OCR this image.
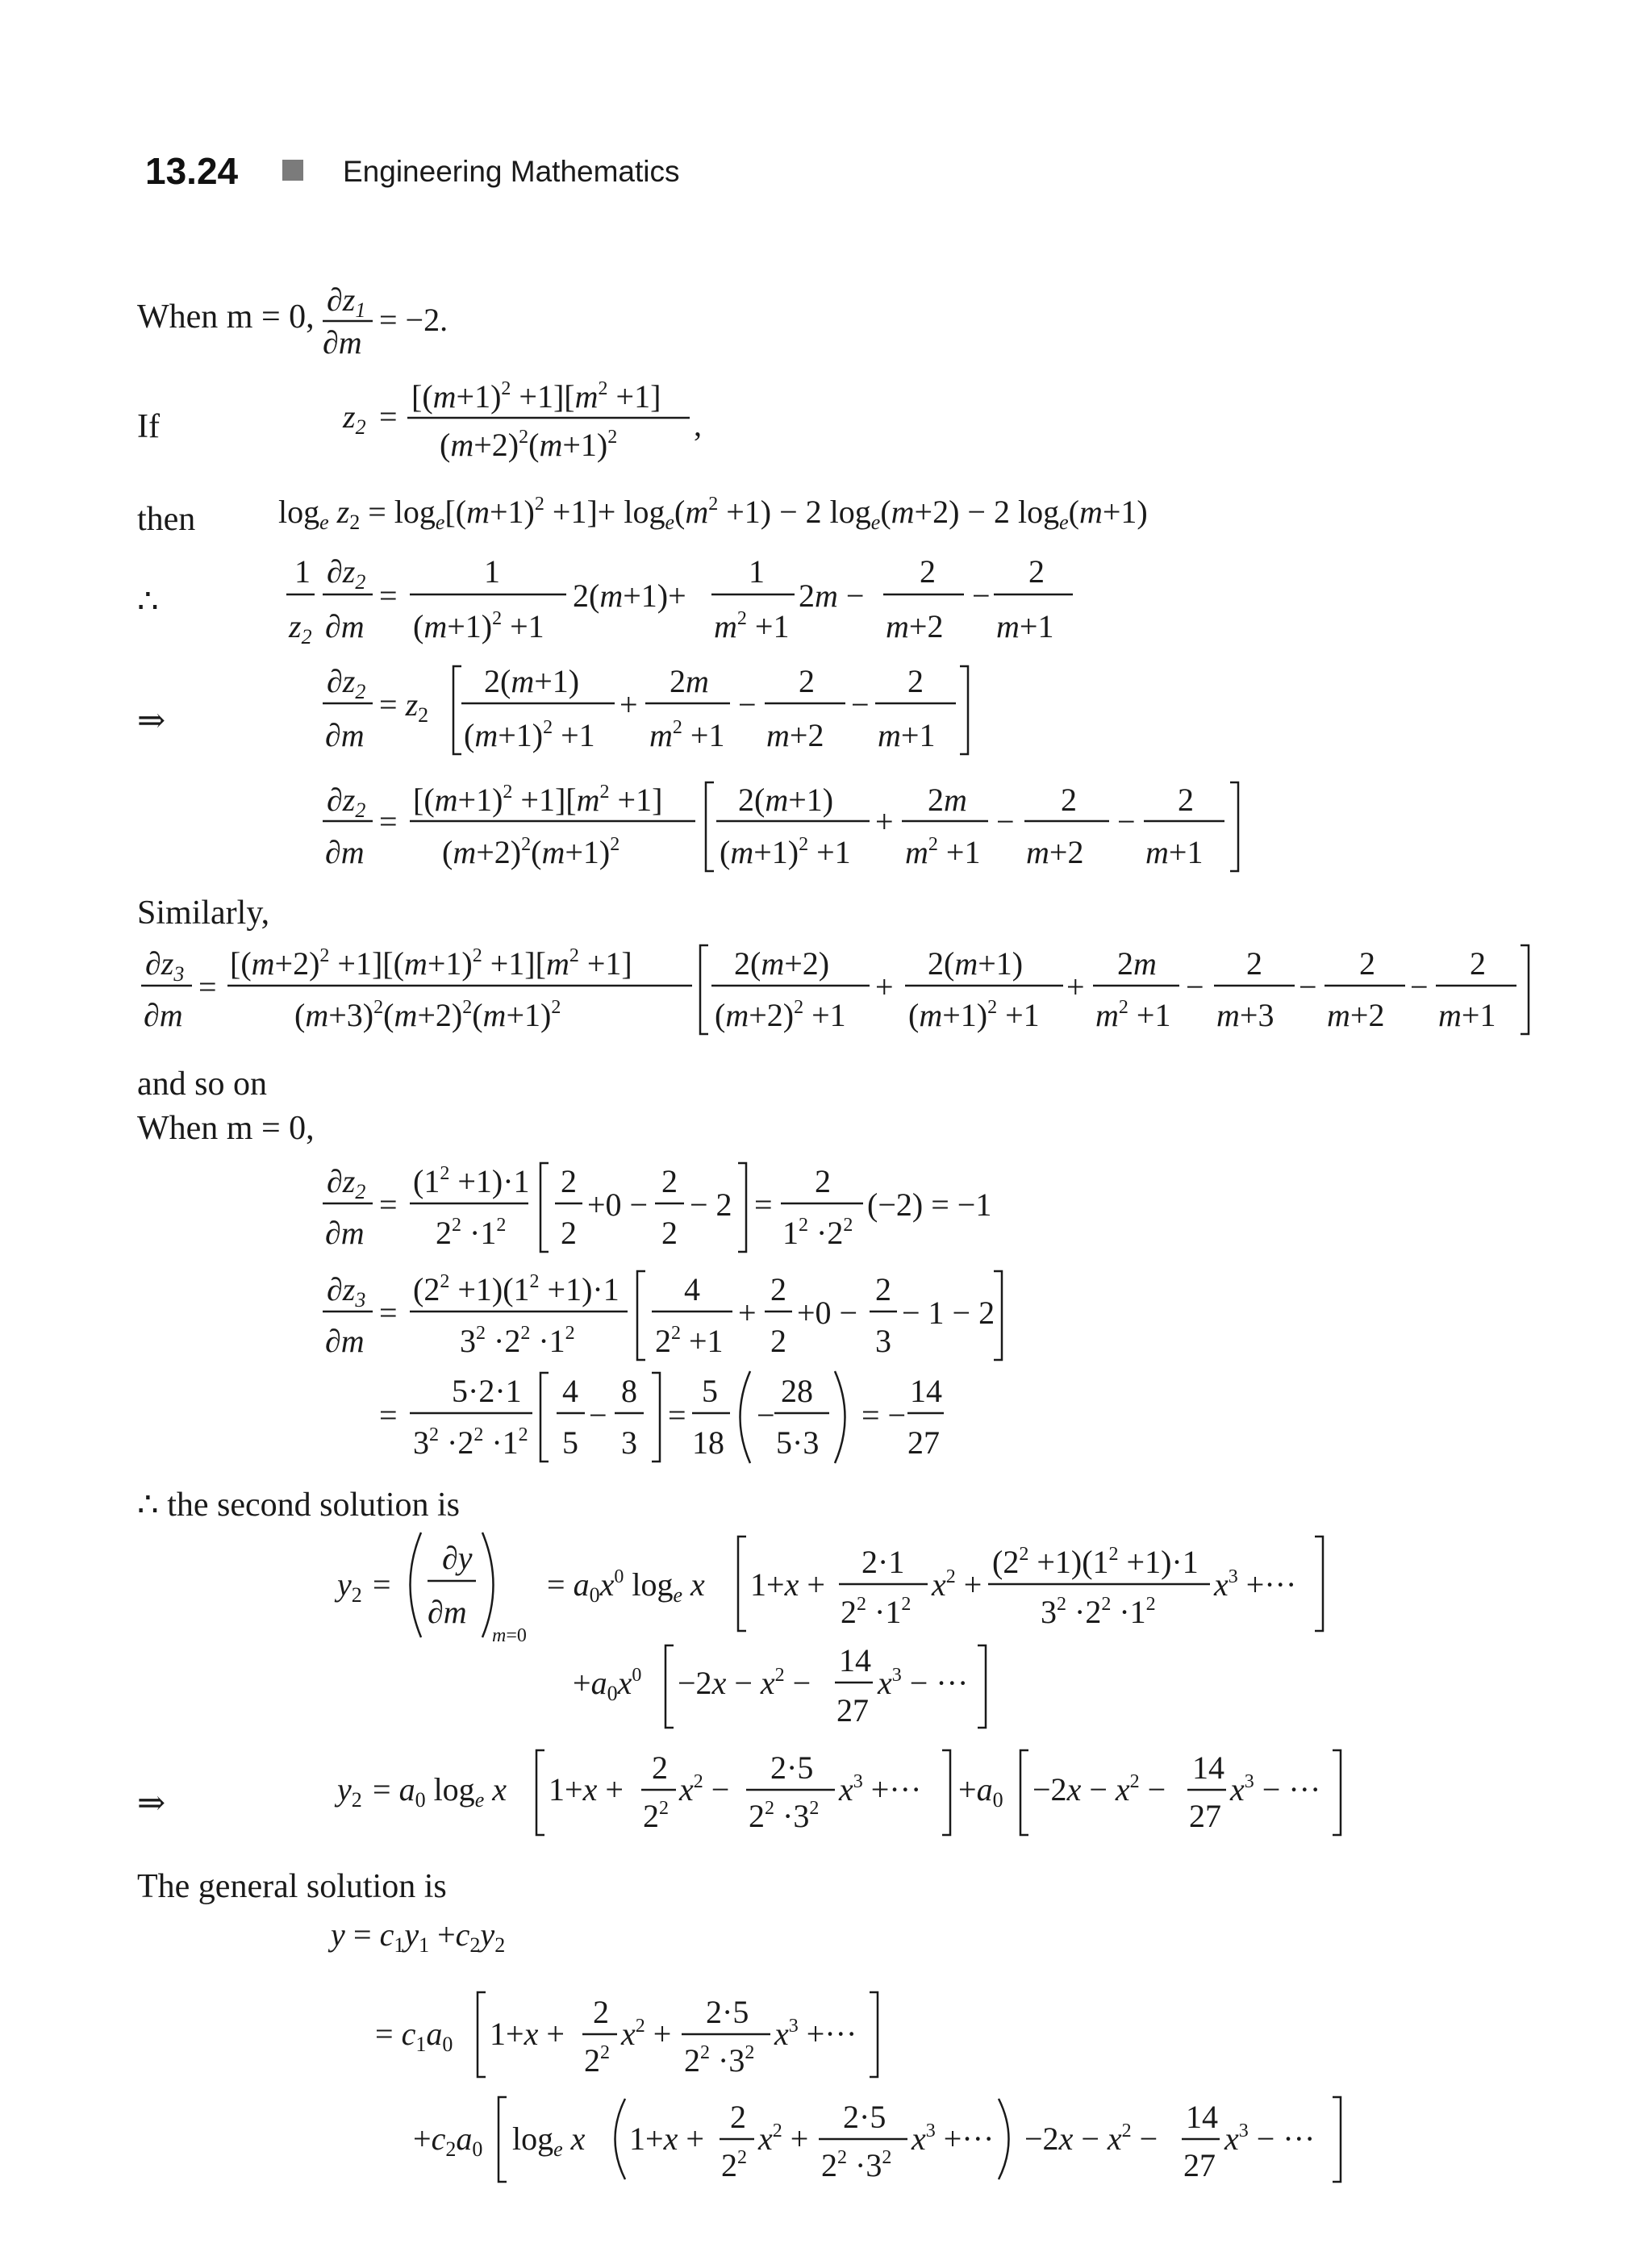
13.24	Engineering Mathematics
When m = 0,
If
then
∴
⇒
Similarly,
and so on
When m = 0,
∴ the second solution is
⇒
The general solution is
$\partial z_1$
∂m
= −2.
$z_2$ =
$[(m+1)^2 +1][m^2 +1]$
$(m+2)^2(m+1)^2$ ,
$\log_e z_2 = \log_e[(m+1)^2 +1]+ \log_e(m^2 +1) - 2$ $\log_e(m+2) - 2$ $\log_e(m+1)$
1
$z_2$
$\partial z_2$
∂m
=
1
$(m+1)^2 +1$
2(m+1)+
1
$m^2 +1$
2m −
2
m+2
−
2
m+1
$\partial z_2$
∂m
= $z_2$
2(m+1)
$(m+1)^2 +1$
+
2m
$m^2 +1$
−
2
m+2
−
2
m+1
$\partial z_2$
∂m
=
$[(m+1)^2 +1][m^2 +1]$
$(m+2)^2(m+1)^2$
2(m+1)
$(m+1)^2 +1$
+
2m
$m^2 +1$
−
2
m+2
−
2
m+1
$\partial z_3$
∂m
=
$[(m+2)^2 +1][(m+1)^2 +1][m^2 +1]$
$(m+3)^2(m+2)^2(m+1)^2$
2(m+2)
$(m+2)^2 +1$
+
2(m+1)
$(m+1)^2 +1$
+
2m
$m^2 +1$
−
2
m+3
−
2
m+2
−
2
m+1
$\partial z_2$
∂m
=
$(1^2 +1)\cdot 1$
$2^2 \cdot 1^2$
2
2
+0 −
2
2
− 2 =
2
$1^2 \cdot 2^2$
(−2) = −1
$\partial z_3$
∂m
=
$(2^2 +1)(1^2 +1)\cdot 1$
$3^2 \cdot 2^2 \cdot 1^2$
4
$2^2 +1$
+
2
2
+0 −
2
3
− 1 − 2
=
5·2·1
$3^2 \cdot 2^2 \cdot 1^2$
4
5
−
8
3
=
5
18
−
28
5·3
= −
14
27
$y_2$ =
∂y
∂m
m=0
= $a_0x^0$ $\log_e x$ 1+x +
2·1
$2^2 \cdot 1^2$
$x^2$ +
$(2^2 +1)(1^2 +1)\cdot 1$
$3^2 \cdot 2^2 \cdot 1^2$
$x^3$ +···
$+a_0x^0 -2x - x^2$ −
14
27
$x^3$ − ···
$y_2 = a_0$ $\log_e x$ 1+x +
2
$2^2$
$x^2$ −
2·5
$2^2 \cdot 3^2$
$x^3$ +··· $+a_0 -2x - x^2$ −
14
27
$x^3$ − ···
= $c_1y_1 +c_2y_2$
y
= $c_1a_0$ 1+x +
2
$2^2$
$x^2$ +
2·5
$2^2 \cdot 3^2$
$x^3$ +···
$+c_2a_0$ $\log_e x$ 1+x +
2
$2^2$
$x^2$ +
2·5
$2^2 \cdot 3^2$
$x^3$ +··· $-2x - x^2$ −
14
27
$x^3$ − ···
